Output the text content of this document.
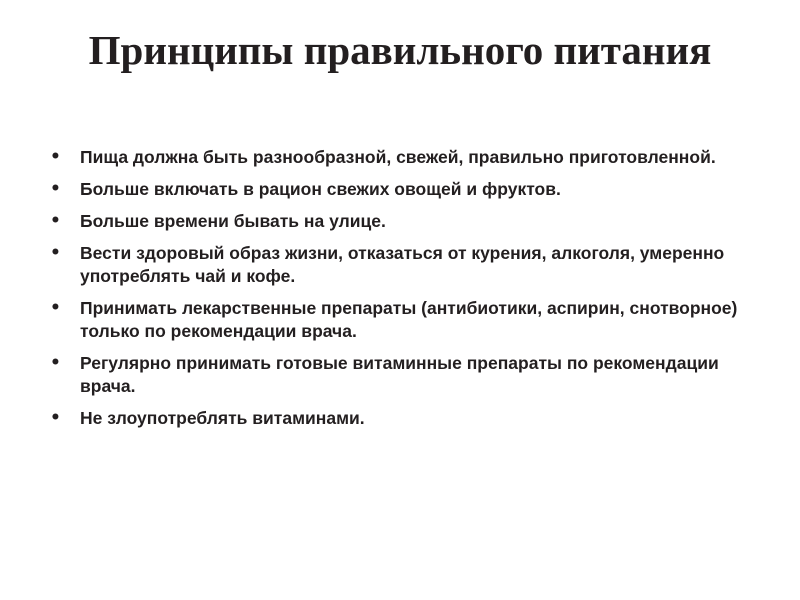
Принципы правильного питания
• Пища должна быть разнообразной, свежей, правильно приготовленной.
• Больше включать в рацион свежих овощей и фруктов.
• Больше времени бывать на улице.
• Вести здоровый образ жизни, отказаться от курения, алкоголя, умеренно употреблять чай и кофе.
• Принимать лекарственные препараты (антибиотики, аспирин, снотворное) только по рекомендации врача.
• Регулярно принимать готовые витаминные препараты по рекомендации врача.
• Не злоупотреблять витаминами.
